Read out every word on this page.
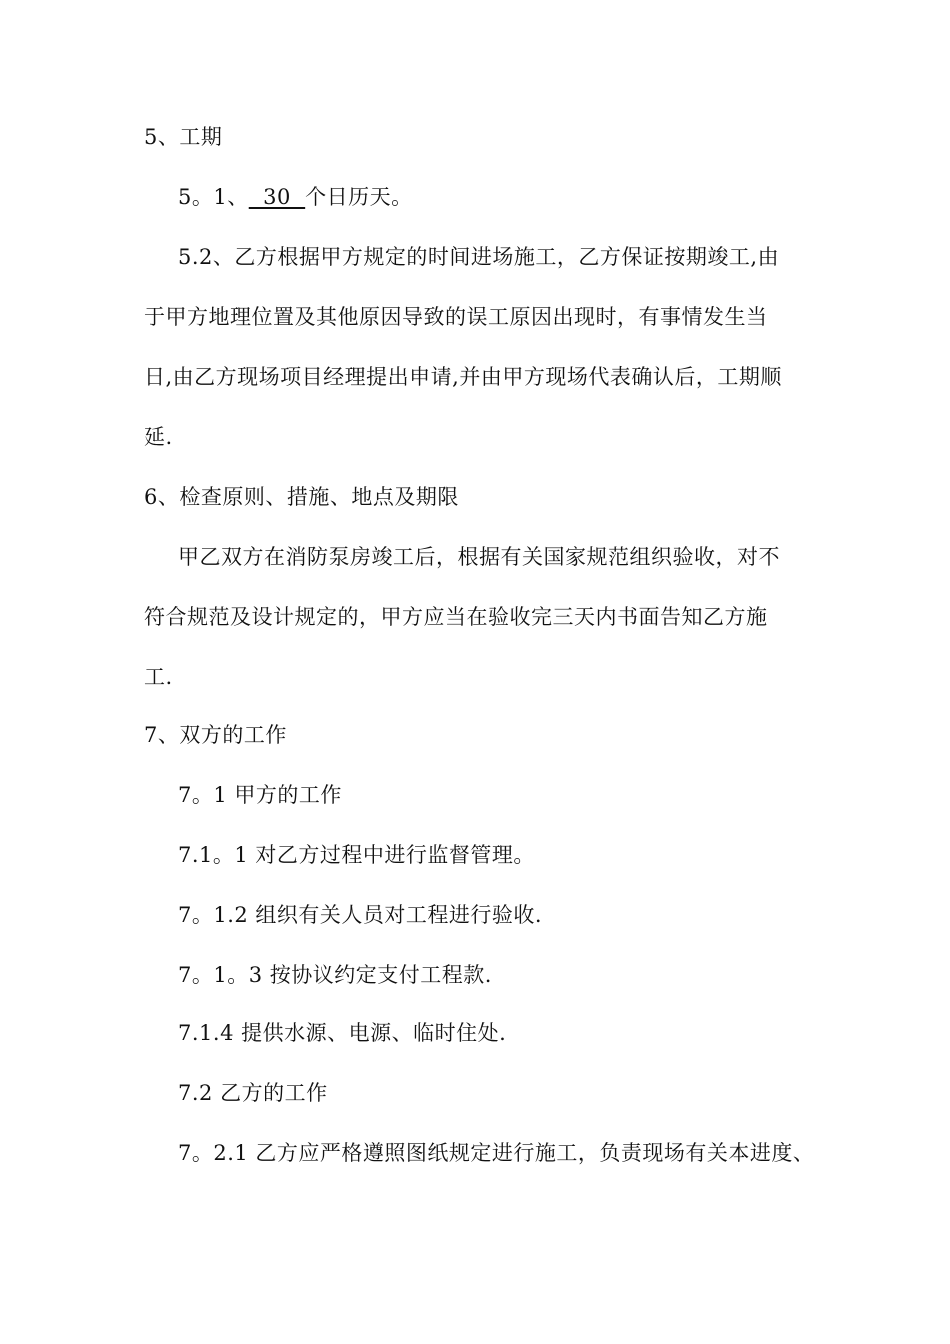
5、工期
5。1、  30  个日历天。
5.2、乙方根据甲方规定的时间进场施工，乙方保证按期竣工,由
于甲方地理位置及其他原因导致的误工原因出现时，有事情发生当
日,由乙方现场项目经理提出申请,并由甲方现场代表确认后，工期顺
延.
6、检查原则、措施、地点及期限
甲乙双方在消防泵房竣工后，根据有关国家规范组织验收，对不
符合规范及设计规定的，甲方应当在验收完三天内书面告知乙方施
工.
7、双方的工作
7。1 甲方的工作
7.1。1 对乙方过程中进行监督管理。
7。1.2 组织有关人员对工程进行验收.
7。1。3 按协议约定支付工程款.
7.1.4 提供水源、电源、临时住处.
7.2 乙方的工作
7。2.1 乙方应严格遵照图纸规定进行施工，负责现场有关本进度、
